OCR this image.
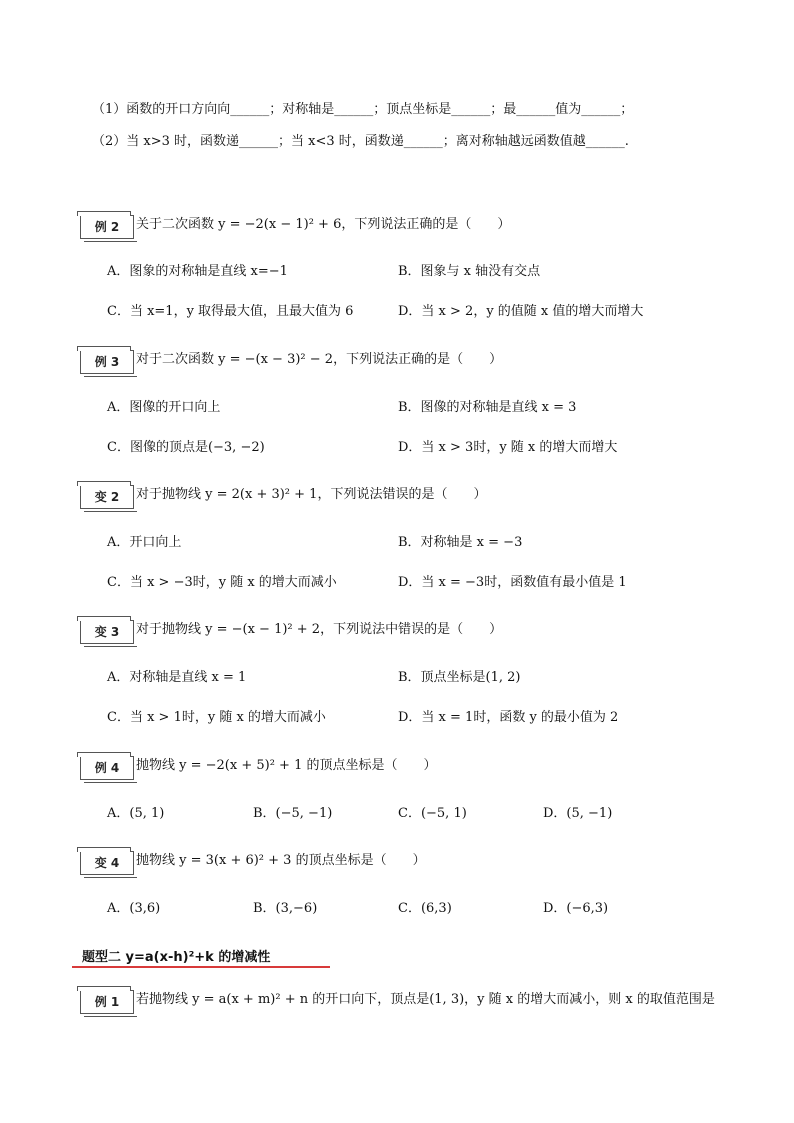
（1）函数的开口方向向______；对称轴是______；顶点坐标是______；最______值为______；
（2）当 x>3 时，函数递______；当 x<3 时，函数递______；离对称轴越远函数值越______.
例 2	关于二次函数 y = −2(x − 1)² + 6，下列说法正确的是（　　）
A．图象的对称轴是直线 x=−1	B．图象与 x 轴没有交点
C．当 x=1，y 取得最大值，且最大值为 6	D．当 x > 2，y 的值随 x 值的增大而增大
例 3	对于二次函数 y = −(x − 3)² − 2，下列说法正确的是（　　）
A．图像的开口向上	B．图像的对称轴是直线 x = 3
C．图像的顶点是(−3, −2)	D．当 x > 3时，y 随 x 的增大而增大
变 2	对于抛物线 y = 2(x + 3)² + 1，下列说法错误的是（　　）
A．开口向上	B．对称轴是 x = −3
C．当 x > −3时，y 随 x 的增大而减小	D．当 x = −3时，函数值有最小值是 1
变 3	对于抛物线 y = −(x − 1)² + 2，下列说法中错误的是（　　）
A．对称轴是直线 x = 1	B．顶点坐标是(1, 2)
C．当 x > 1时，y 随 x 的增大而减小	D．当 x = 1时，函数 y 的最小值为 2
例 4	抛物线 y = −2(x + 5)² + 1 的顶点坐标是（　　）
A．(5, 1)	B．(−5, −1)	C．(−5, 1)	D．(5, −1)
变 4	抛物线 y = 3(x + 6)² + 3 的顶点坐标是（　　）
A．(3,6)	B．(3,−6)	C．(6,3)	D．(−6,3)
题型二 y=a(x-h)²+k 的增减性
例 1	若抛物线 y = a(x + m)² + n 的开口向下，顶点是(1, 3)，y 随 x 的增大而减小，则 x 的取值范围是
